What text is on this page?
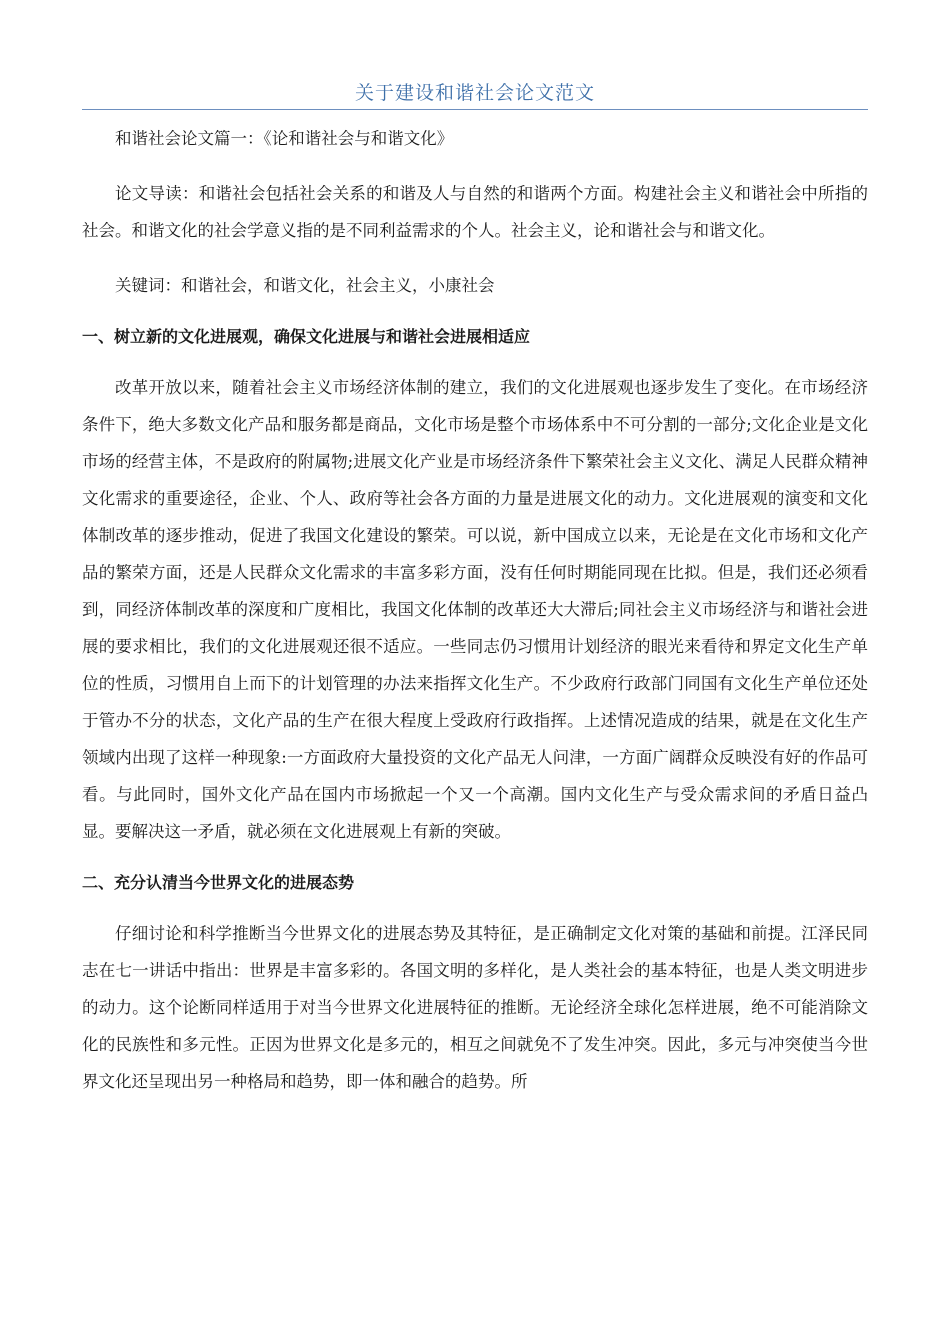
关于建设和谐社会论文范文

和谐社会论文篇一：《论和谐社会与和谐文化》

论文导读：和谐社会包括社会关系的和谐及人与自然的和谐两个方面。构建社会主义和谐社会中所指的社会。和谐文化的社会学意义指的是不同利益需求的个人。社会主义，论和谐社会与和谐文化。

关键词：和谐社会，和谐文化，社会主义，小康社会

一、树立新的文化进展观，确保文化进展与和谐社会进展相适应

改革开放以来，随着社会主义市场经济体制的建立，我们的文化进展观也逐步发生了变化。在市场经济条件下，绝大多数文化产品和服务都是商品，文化市场是整个市场体系中不可分割的一部分;文化企业是文化市场的经营主体，不是政府的附属物;进展文化产业是市场经济条件下繁荣社会主义文化、满足人民群众精神文化需求的重要途径，企业、个人、政府等社会各方面的力量是进展文化的动力。文化进展观的演变和文化体制改革的逐步推动，促进了我国文化建设的繁荣。可以说，新中国成立以来，无论是在文化市场和文化产品的繁荣方面，还是人民群众文化需求的丰富多彩方面，没有任何时期能同现在比拟。但是，我们还必须看到，同经济体制改革的深度和广度相比，我国文化体制的改革还大大滞后;同社会主义市场经济与和谐社会进展的要求相比，我们的文化进展观还很不适应。一些同志仍习惯用计划经济的眼光来看待和界定文化生产单位的性质，习惯用自上而下的计划管理的办法来指挥文化生产。不少政府行政部门同国有文化生产单位还处于管办不分的状态，文化产品的生产在很大程度上受政府行政指挥。上述情况造成的结果，就是在文化生产领域内出现了这样一种现象:一方面政府大量投资的文化产品无人问津，一方面广阔群众反映没有好的作品可看。与此同时，国外文化产品在国内市场掀起一个又一个高潮。国内文化生产与受众需求间的矛盾日益凸显。要解决这一矛盾，就必须在文化进展观上有新的突破。

二、充分认清当今世界文化的进展态势

仔细讨论和科学推断当今世界文化的进展态势及其特征，是正确制定文化对策的基础和前提。江泽民同志在七一讲话中指出：世界是丰富多彩的。各国文明的多样化，是人类社会的基本特征，也是人类文明进步的动力。这个论断同样适用于对当今世界文化进展特征的推断。无论经济全球化怎样进展，绝不可能消除文化的民族性和多元性。正因为世界文化是多元的，相互之间就免不了发生冲突。因此，多元与冲突使当今世界文化还呈现出另一种格局和趋势，即一体和融合的趋势。所
